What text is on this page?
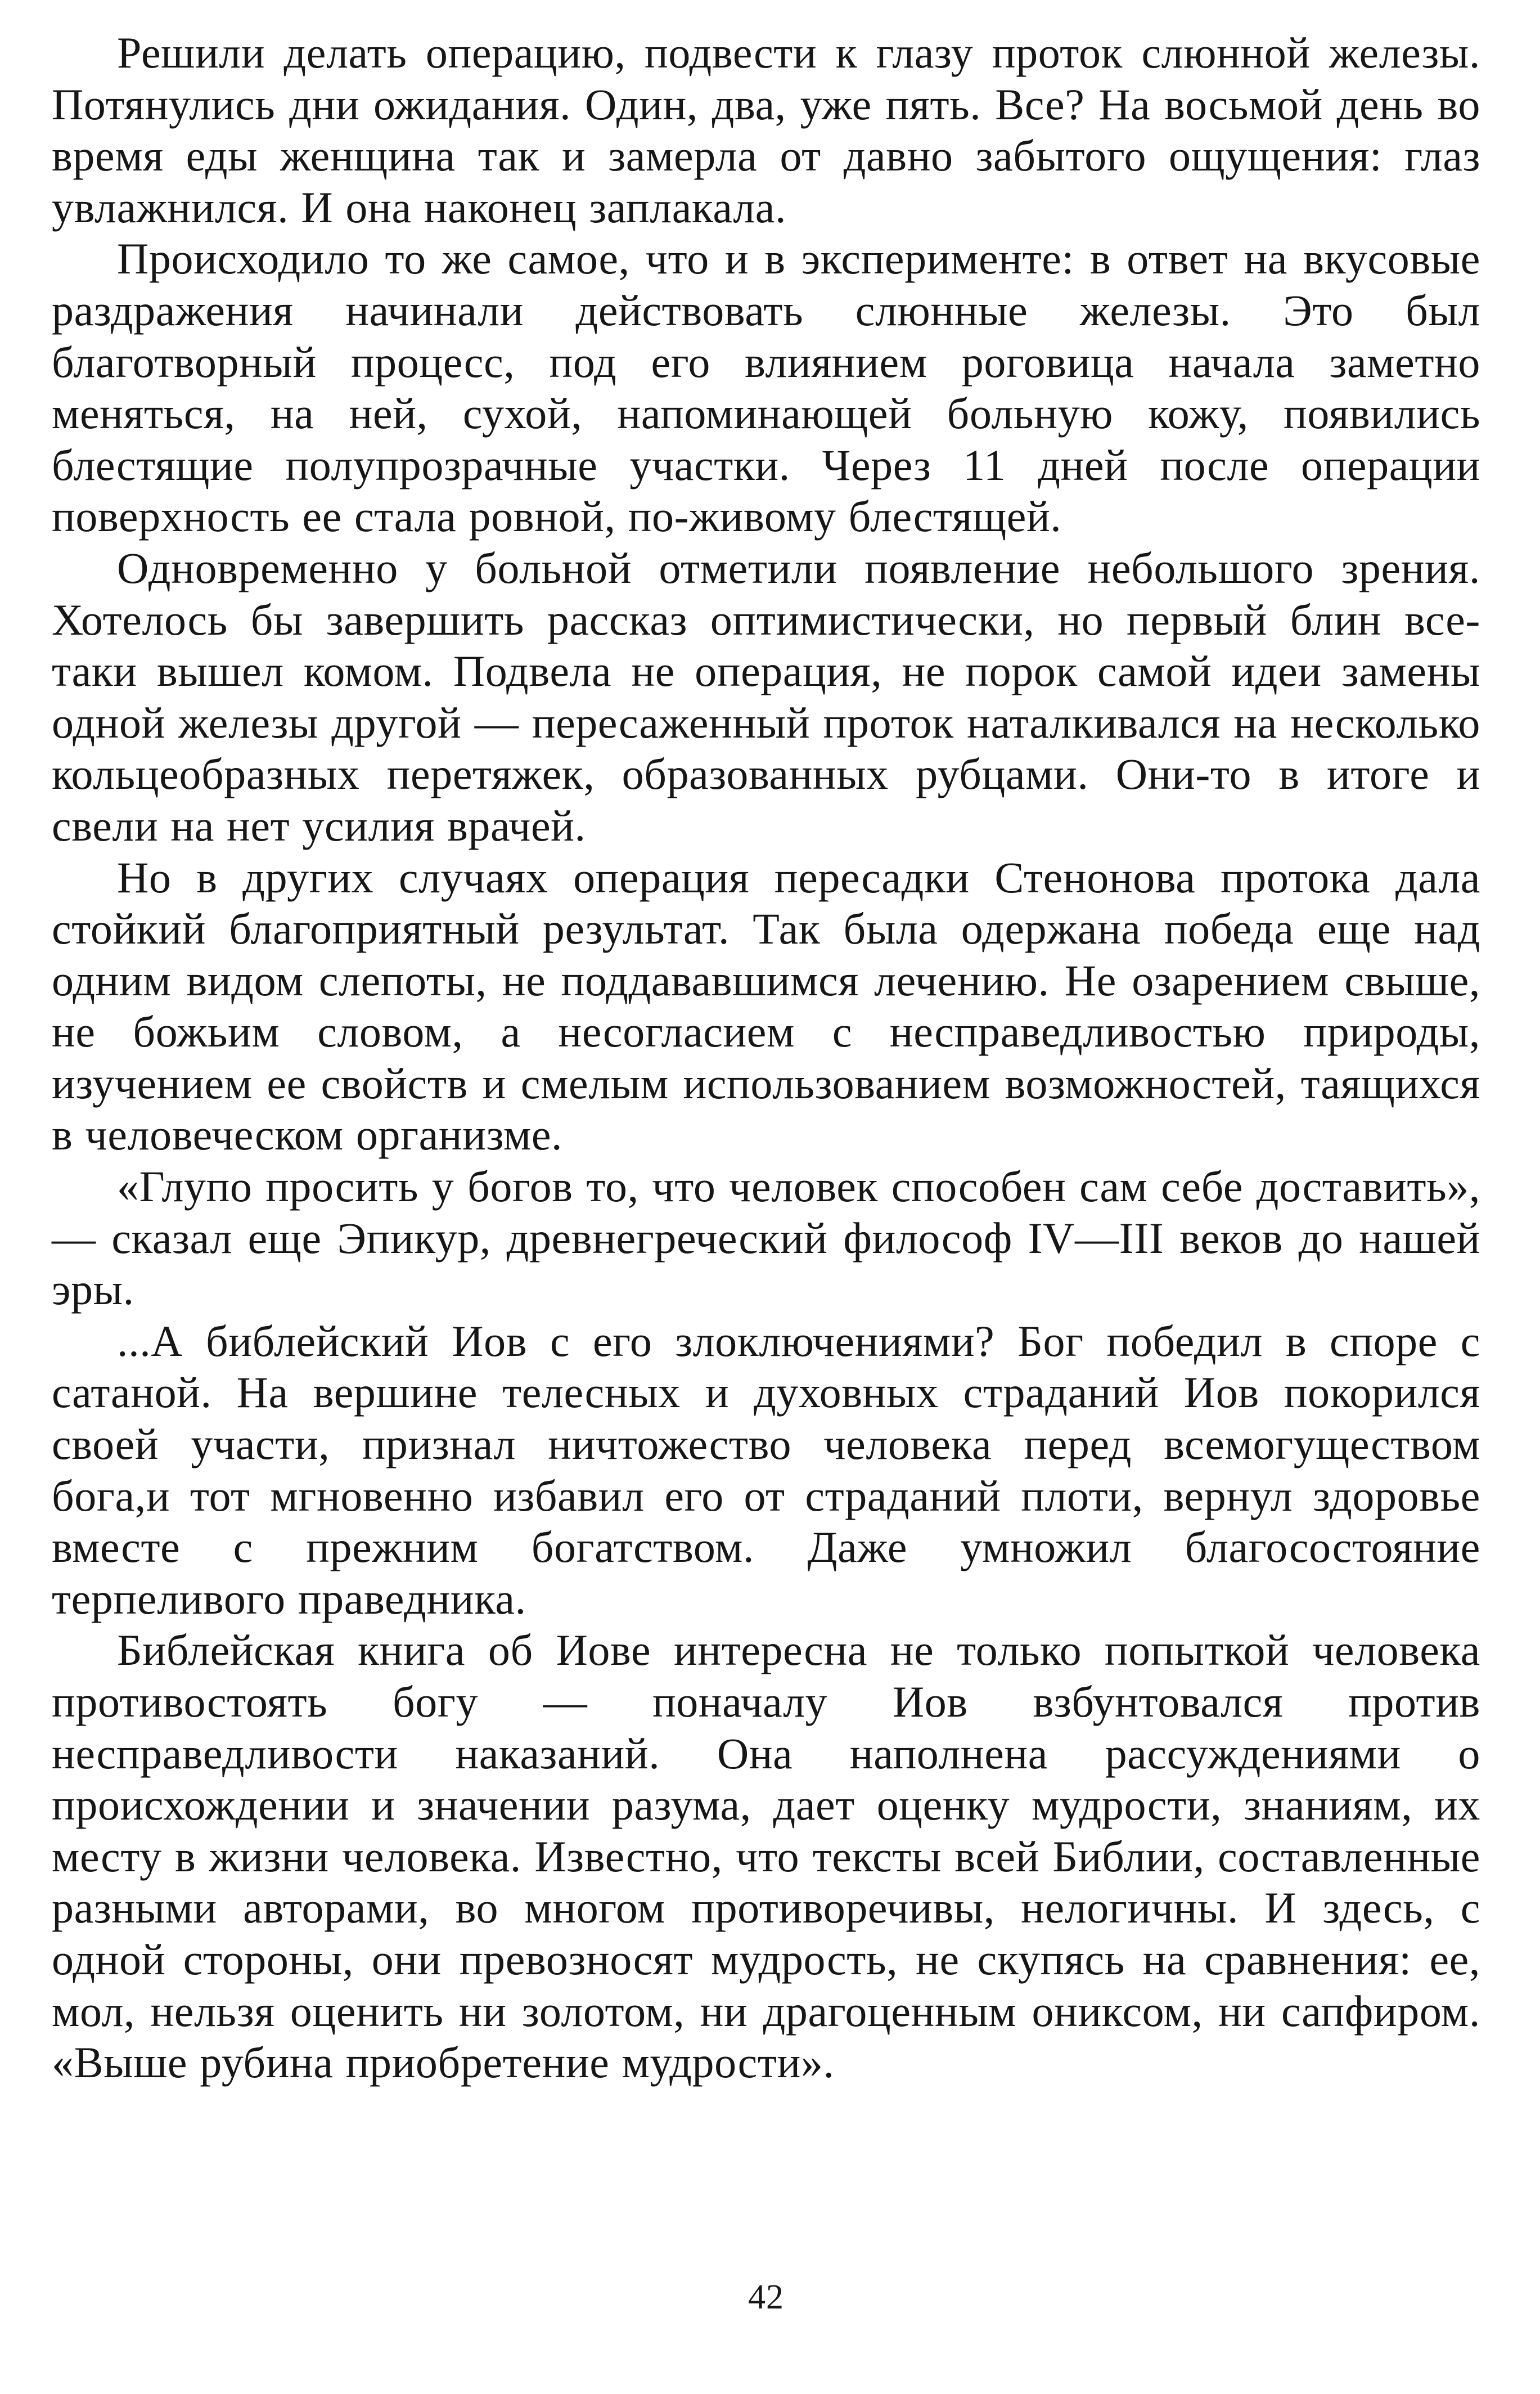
Решили делать операцию, подвести к глазу проток слюнной железы. Потянулись дни ожидания. Один, два, уже пять. Все? На восьмой день во время еды женщина так и замерла от давно забытого ощущения: глаз увлажнился. И она наконец заплакала.

Происходило то же самое, что и в эксперименте: в ответ на вкусовые раздражения начинали действовать слюнные железы. Это был благотворный процесс, под его влиянием роговица начала заметно меняться, на ней, сухой, напоминающей больную кожу, появились блестящие полупрозрачные участки. Через 11 дней после операции поверхность ее стала ровной, по-живому блестящей.

Одновременно у больной отметили появление небольшого зрения. Хотелось бы завершить рассказ оптимистически, но первый блин все-таки вышел комом. Подвела не операция, не порок самой идеи замены одной железы другой — пересаженный проток наталкивался на несколько кольцеобразных перетяжек, образованных рубцами. Они-то в итоге и свели на нет усилия врачей.

Но в других случаях операция пересадки Стенонова протока дала стойкий благоприятный результат. Так была одержана победа еще над одним видом слепоты, не поддававшимся лечению. Не озарением свыше, не божьим словом, а несогласием с несправедливостью природы, изучением ее свойств и смелым использованием возможностей, таящихся в человеческом организме.

«Глупо просить у богов то, что человек способен сам себе доставить»,— сказал еще Эпикур, древнегреческий философ IV—III веков до нашей эры.

...А библейский Иов с его злоключениями? Бог победил в споре с сатаной. На вершине телесных и духовных страданий Иов покорился своей участи, признал ничтожество человека перед всемогуществом бога,и тот мгновенно избавил его от страданий плоти, вернул здоровье вместе с прежним богатством. Даже умножил благосостояние терпеливого праведника.

Библейская книга об Иове интересна не только попыткой человека противостоять богу — поначалу Иов взбунтовался против несправедливости наказаний. Она наполнена рассуждениями о происхождении и значении разума, дает оценку мудрости, знаниям, их месту в жизни человека. Известно, что тексты всей Библии, составленные разными авторами, во многом противоречивы, нелогичны. И здесь, с одной стороны, они превозносят мудрость, не скупясь на сравнения: ее, мол, нельзя оценить ни золотом, ни драгоценным ониксом, ни сапфиром. «Выше рубина приобретение мудрости».

42
